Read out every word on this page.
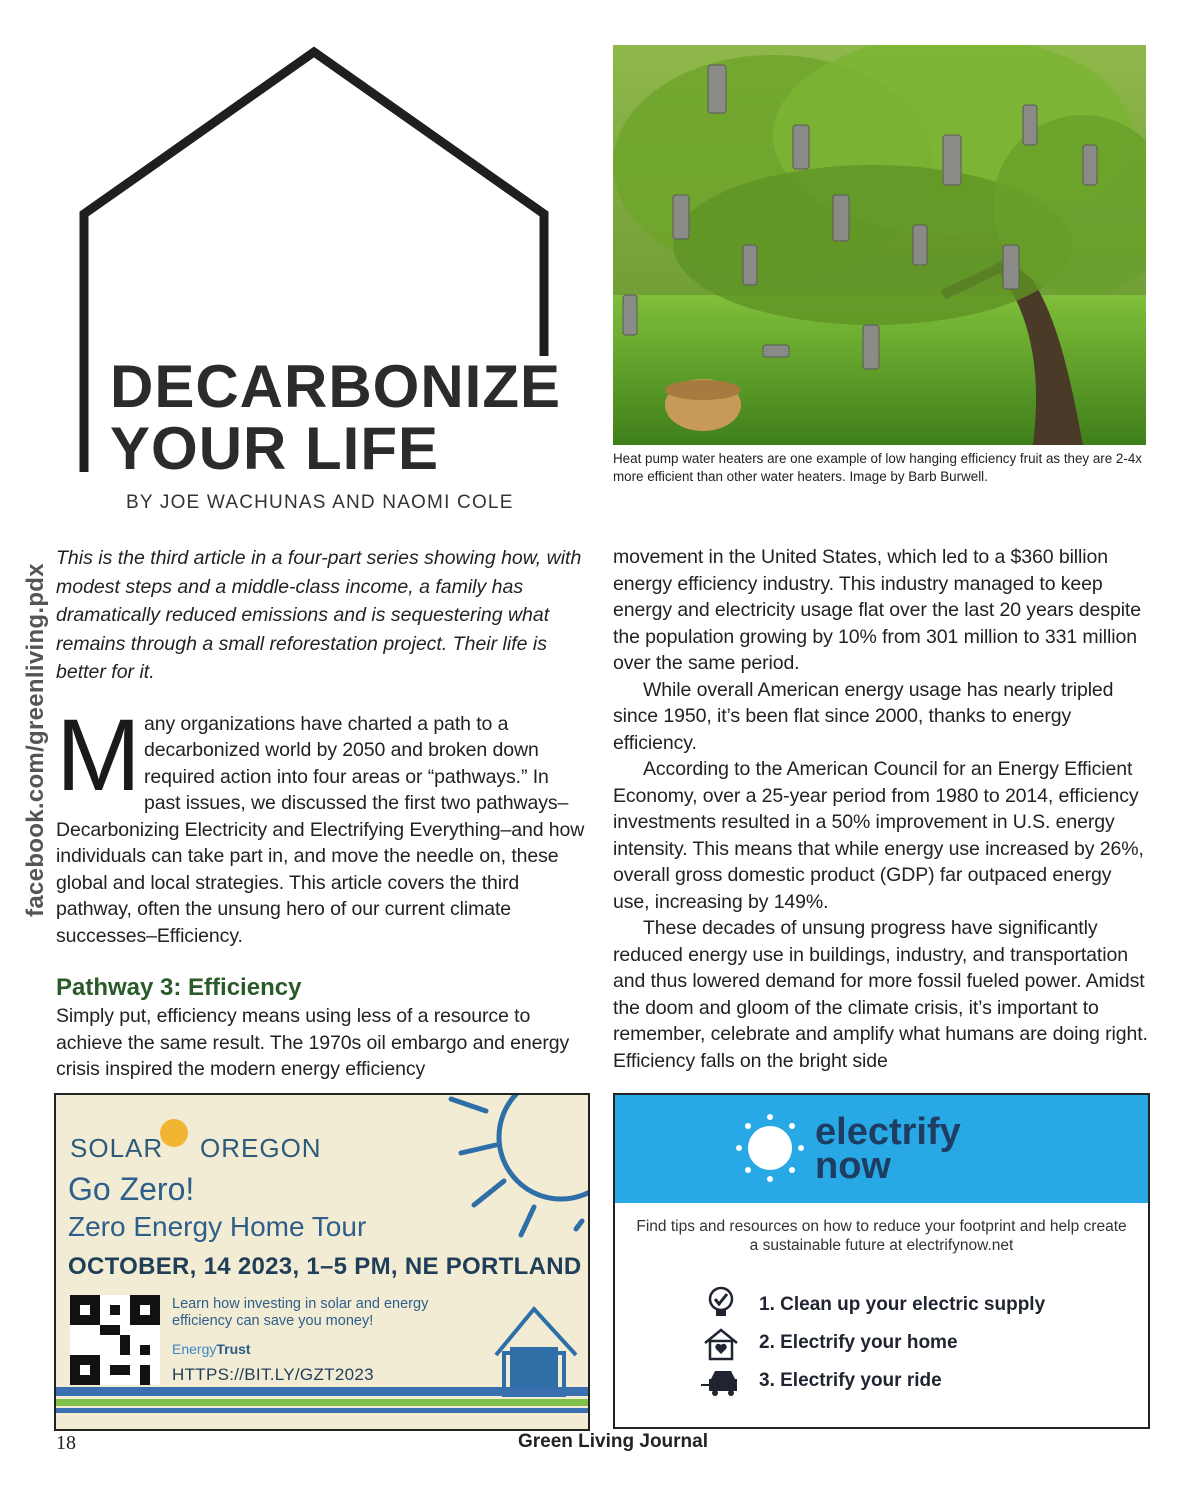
facebook.com/greenliving.pdx
DECARBONIZE
YOUR LIFE
BY JOE WACHUNAS AND NAOMI COLE
Heat pump water heaters are one example of low hanging efficiency fruit as they are 2-4x more efficient than other water heaters. Image by Barb Burwell.

This is the third article in a four-part series showing how, with modest steps and a middle-class income, a family has dramatically reduced emissions and is sequestering what remains through a small reforestation project. Their life is better for it.

M any organizations have charted a path to a decarbonized world by 2050 and broken down required action into four areas or “pathways.” In past issues, we discussed the first two pathways–Decarbonizing Electricity and Electrifying Everything–and how individuals can take part in, and move the needle on, these global and local strategies. This article covers the third pathway, often the unsung hero of our current climate successes–Efficiency.

Pathway 3: Efficiency

Simply put, efficiency means using less of a resource to achieve the same result. The 1970s oil embargo and energy crisis inspired the modern energy efficiency

movement in the United States, which led to a $360 billion energy efficiency industry. This industry managed to keep energy and electricity usage flat over the last 20 years despite the population growing by 10% from 301 million to 331 million over the same period.

While overall American energy usage has nearly tripled since 1950, it’s been flat since 2000, thanks to energy efficiency.

According to the American Council for an Energy Efficient Economy, over a 25-year period from 1980 to 2014, efficiency investments resulted in a 50% improvement in U.S. energy intensity. This means that while energy use increased by 26%, overall gross domestic product (GDP) far outpaced energy use, increasing by 149%.

These decades of unsung progress have significantly reduced energy use in buildings, industry, and transportation and thus lowered demand for more fossil fueled power. Amidst the doom and gloom of the climate crisis, it’s important to remember, celebrate and amplify what humans are doing right. Efficiency falls on the bright side

SOLAR OREGON
Go Zero!
Zero Energy Home Tour
OCTOBER, 14 2023, 1–5 PM, NE PORTLAND
Learn how investing in solar and energy efficiency can save you money!
EnergyTrust
HTTPS://BIT.LY/GZT2023
electrify
now
Find tips and resources on how to reduce your footprint and help create a sustainable future at electrifynow.net
1. Clean up your electric supply
2. Electrify your home
3. Electrify your ride
18	Green Living Journal
